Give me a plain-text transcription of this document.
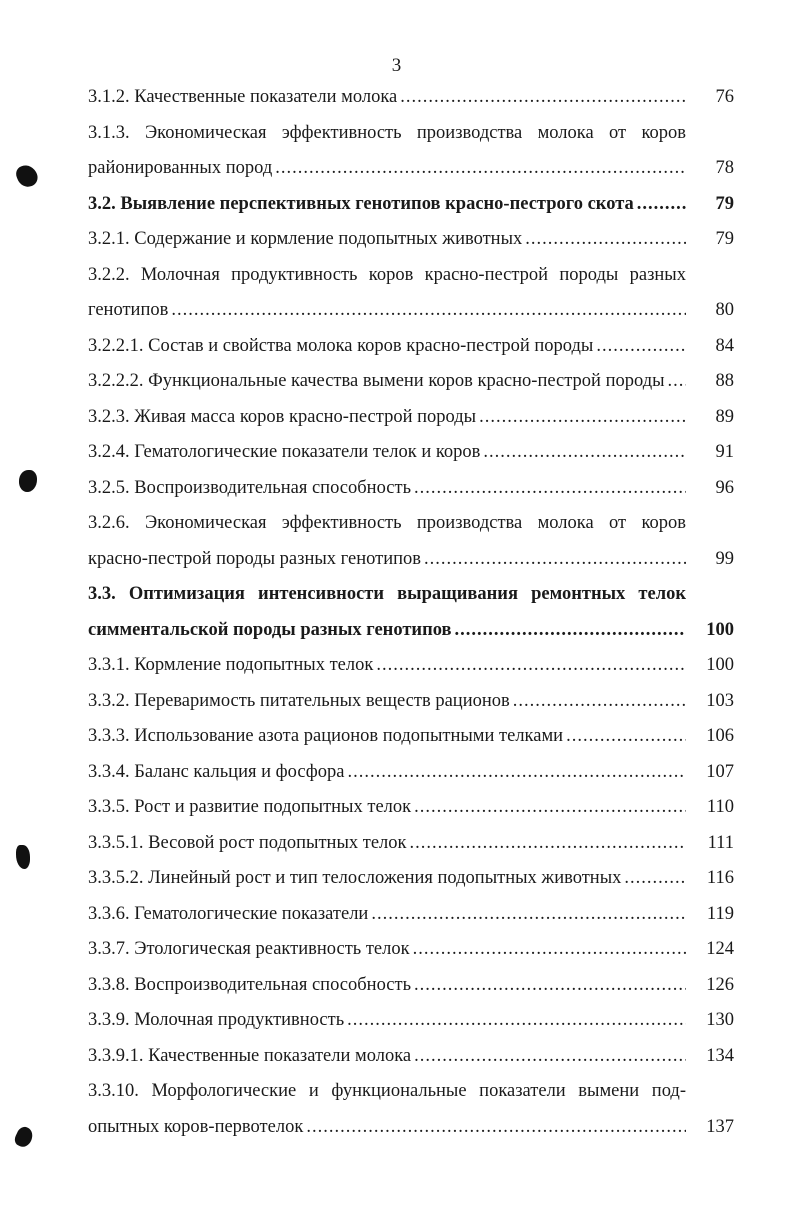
3
3.1.2. Качественные показатели молока .....	76
3.1.3. Экономическая эффективность производства молока от коров
районированных пород .....	78
3.2. Выявление перспективных генотипов красно-пестрого скота .....	79
3.2.1. Содержание и кормление подопытных животных .....	79
3.2.2. Молочная продуктивность коров красно-пестрой породы разных
генотипов .....	80
3.2.2.1. Состав и свойства молока коров красно-пестрой породы .....	84
3.2.2.2. Функциональные качества вымени коров красно-пестрой породы .....	88
3.2.3. Живая масса коров красно-пестрой породы .....	89
3.2.4. Гематологические показатели телок и коров .....	91
3.2.5. Воспроизводительная способность .....	96
3.2.6. Экономическая эффективность производства молока от коров
красно-пестрой породы разных генотипов .....	99
3.3. Оптимизация интенсивности выращивания ремонтных телок
симментальской породы разных генотипов .....	100
3.3.1. Кормление подопытных телок .....	100
3.3.2. Переваримость питательных веществ рационов .....	103
3.3.3. Использование азота рационов подопытными телками .....	106
3.3.4. Баланс кальция и фосфора .....	107
3.3.5. Рост и развитие подопытных телок .....	110
3.3.5.1. Весовой рост подопытных телок .....	111
3.3.5.2. Линейный рост и тип телосложения подопытных животных .....	116
3.3.6. Гематологические показатели .....	119
3.3.7. Этологическая реактивность телок .....	124
3.3.8. Воспроизводительная способность .....	126
3.3.9. Молочная продуктивность .....	130
3.3.9.1. Качественные показатели молока .....	134
3.3.10. Морфологические и функциональные показатели вымени под-
опытных коров-первотелок .....	137
